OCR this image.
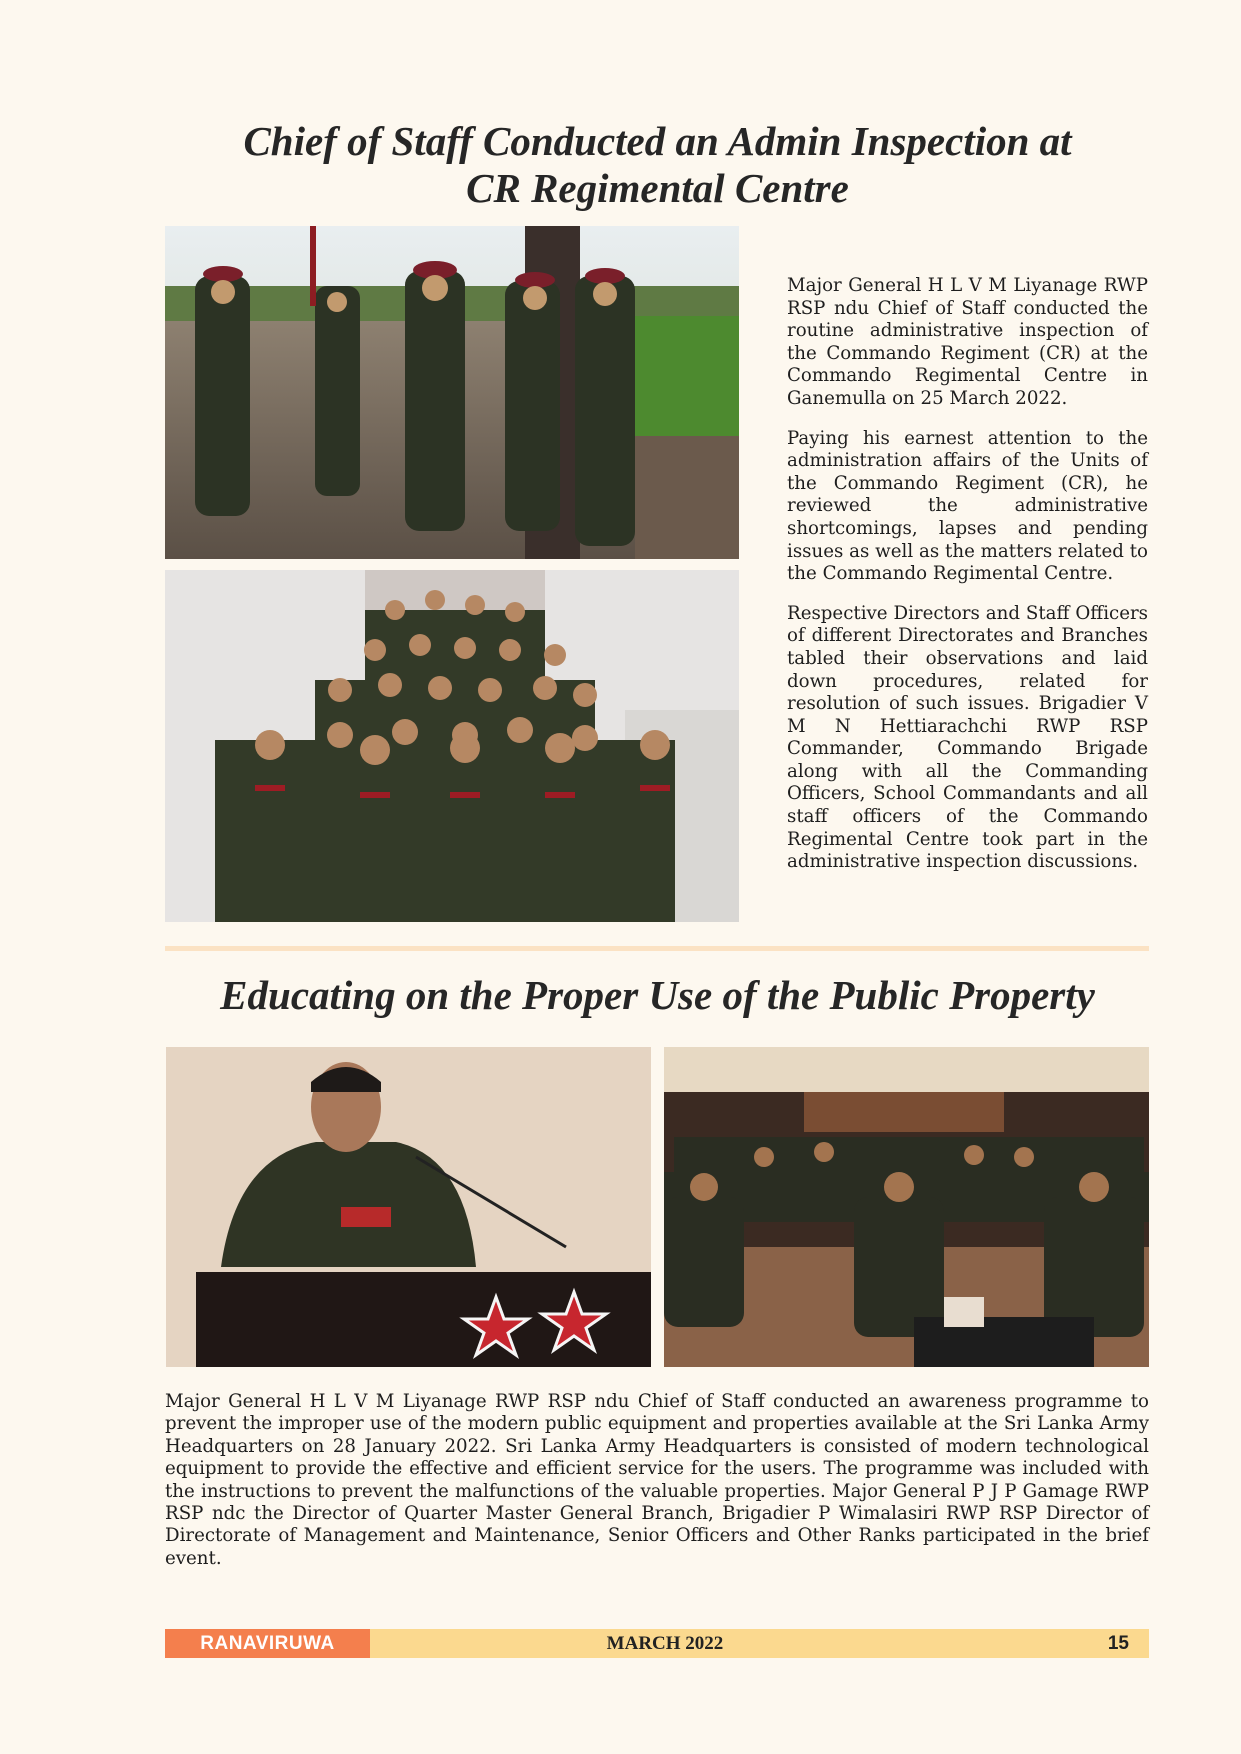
Chief of Staff Conducted an Admin Inspection at
CR Regimental Centre

Major General H L V M Liyanage RWP RSP ndu Chief of Staff conducted the routine administrative inspection of the Commando Regiment (CR) at the Commando Regimental Centre in Ganemulla on 25 March 2022.

Paying his earnest attention to the administration affairs of the Units of the Commando Regiment (CR), he reviewed the administrative shortcomings, lapses and pending issues as well as the matters related to the Commando Regimental Centre.

Respective Directors and Staff Officers of different Directorates and Branches tabled their observations and laid down procedures, related for resolution of such issues. Brigadier V M N Hettiarachchi RWP RSP Commander, Commando Brigade along with all the Commanding Officers, School Commandants and all staff officers of the Commando Regimental Centre took part in the administrative inspection discussions.

Educating on the Proper Use of the Public Property

Major General H L V M Liyanage RWP RSP ndu Chief of Staff conducted an awareness programme to prevent the improper use of the modern public equipment and properties available at the Sri Lanka Army Headquarters on 28 January 2022. Sri Lanka Army Headquarters is consisted of modern technological equipment to provide the effective and efficient service for the users. The programme was included with the instructions to prevent the malfunctions of the valuable properties. Major General P J P Gamage RWP RSP ndc the Director of Quarter Master General Branch, Brigadier P Wimalasiri RWP RSP Director of Directorate of Management and Maintenance, Senior Officers and Other Ranks participated in the brief event.

RANAVIRUWA	MARCH 2022	15
